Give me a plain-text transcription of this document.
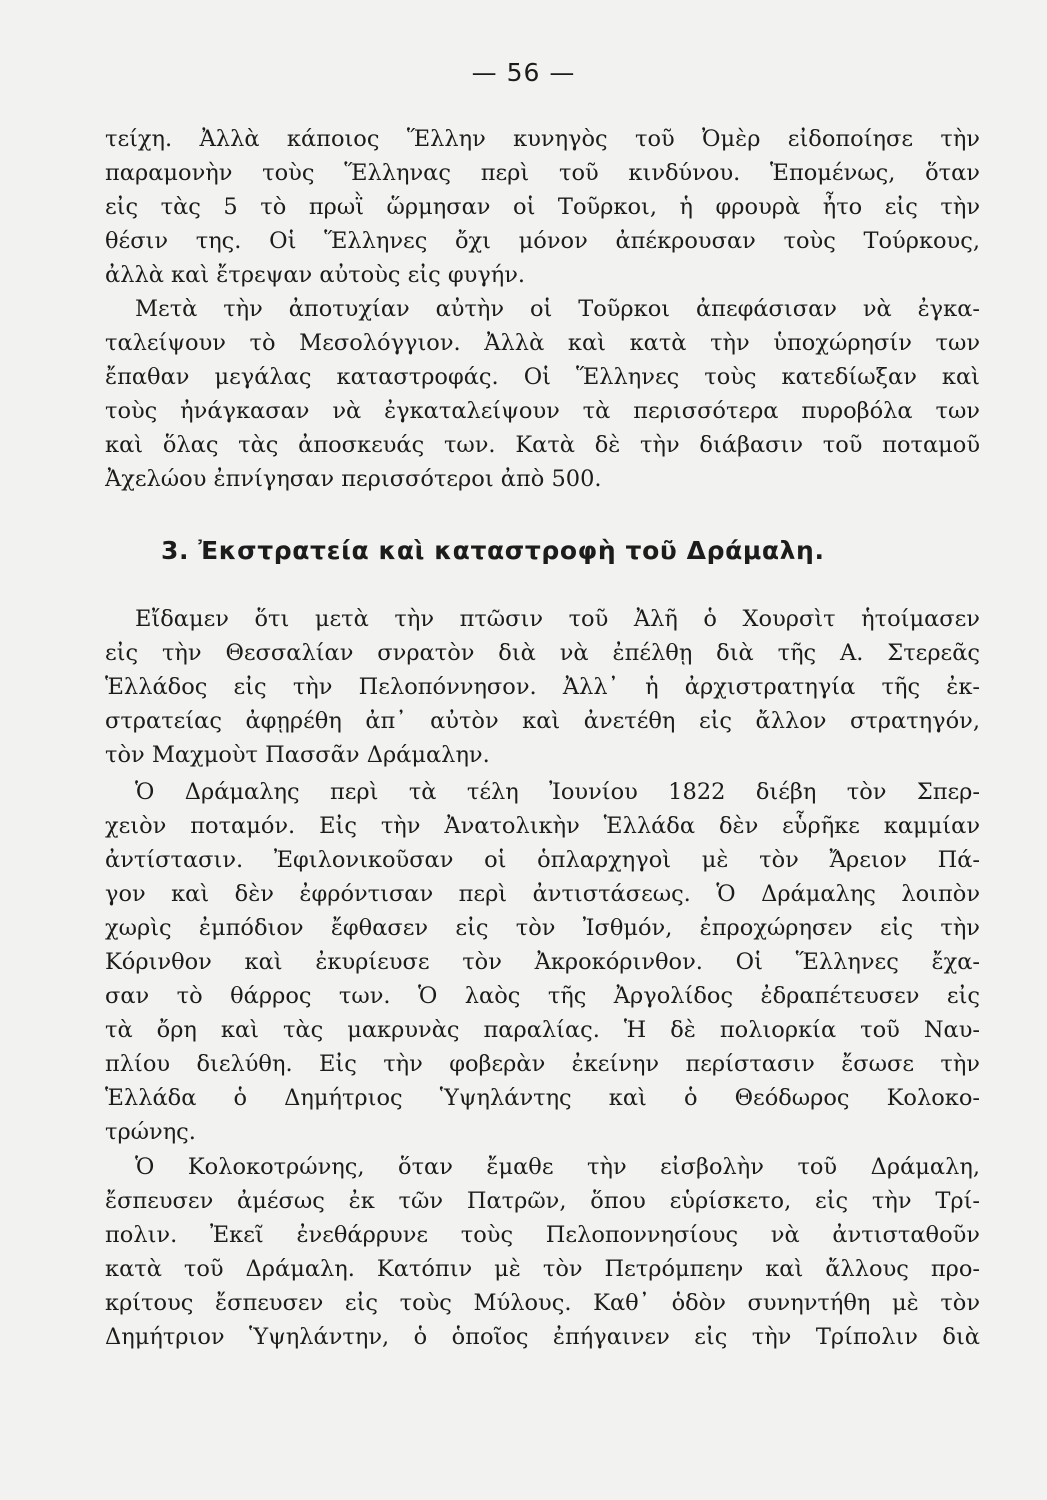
— 56 —
τείχη. Ἀλλὰ κάποιος Ἕλλην κυνηγὸς τοῦ Ὀμὲρ εἰδοποίησε τὴν
παραμονὴν τοὺς Ἕλληνας περὶ τοῦ κινδύνου. Ἑπομένως, ὅταν
εἰς τὰς 5 τὸ πρωῒ ὥρμησαν οἱ Τοῦρκοι, ἡ φρουρὰ ἦτο εἰς τὴν
θέσιν της. Οἱ Ἕλληνες ὄχι μόνον ἀπέκρουσαν τοὺς Τούρκους,
ἀλλὰ καὶ ἔτρεψαν αὐτοὺς εἰς φυγήν.
Μετὰ τὴν ἀποτυχίαν αὐτὴν οἱ Τοῦρκοι ἀπεφάσισαν νὰ ἐγκα-
ταλείψουν τὸ Μεσολόγγιον. Ἀλλὰ καὶ κατὰ τὴν ὑποχώρησίν των
ἔπαθαν μεγάλας καταστροφάς. Οἱ Ἕλληνες τοὺς κατεδίωξαν καὶ
τοὺς ἠνάγκασαν νὰ ἐγκαταλείψουν τὰ περισσότερα πυροβόλα των
καὶ ὅλας τὰς ἀποσκευάς των. Κατὰ δὲ τὴν διάβασιν τοῦ ποταμοῦ
Ἀχελώου ἐπνίγησαν περισσότεροι ἀπὸ 500.
3. Ἐκστρατεία καὶ καταστροφὴ τοῦ Δράμαλη.
Εἴδαμεν ὅτι μετὰ τὴν πτῶσιν τοῦ Ἀλῆ ὁ Χουρσὶτ ἡτοίμασεν
εἰς τὴν Θεσσαλίαν σνρατὸν διὰ νὰ ἐπέλθῃ διὰ τῆς Α. Στερεᾶς
Ἑλλάδος εἰς τὴν Πελοπόννησον. Ἀλλ᾿ ἡ ἀρχιστρατηγία τῆς ἐκ-
στρατείας ἀφῃρέθη ἀπ᾿ αὐτὸν καὶ ἀνετέθη εἰς ἄλλον στρατηγόν,
τὸν Μαχμοὺτ Πασσᾶν Δράμαλην.
Ὁ Δράμαλης περὶ τὰ τέλη Ἰουνίου 1822 διέβη τὸν Σπερ-
χειὸν ποταμόν. Εἰς τὴν Ἀνατολικὴν Ἑλλάδα δὲν εὗρῆκε καμμίαν
ἀντίστασιν. Ἐφιλονικοῦσαν οἱ ὁπλαρχηγοὶ μὲ τὸν Ἄρειον Πά-
γον καὶ δὲν ἐφρόντισαν περὶ ἀντιστάσεως. Ὁ Δράμαλης λοιπὸν
χωρὶς ἐμπόδιον ἔφθασεν εἰς τὸν Ἰσθμόν, ἐπροχώρησεν εἰς τὴν
Κόρινθον καὶ ἐκυρίευσε τὸν Ἀκροκόρινθον. Οἱ Ἕλληνες ἔχα-
σαν τὸ θάρρος των. Ὁ λαὸς τῆς Ἀργολίδος ἐδραπέτευσεν εἰς
τὰ ὄρη καὶ τὰς μακρυνὰς παραλίας. Ἡ δὲ πολιορκία τοῦ Ναυ-
πλίου διελύθη. Εἰς τὴν φοβερὰν ἐκείνην περίστασιν ἔσωσε τὴν
Ἑλλάδα ὁ Δημήτριος Ὑψηλάντης καὶ ὁ Θεόδωρος Κολοκο-
τρώνης.
Ὁ Κολοκοτρώνης, ὅταν ἔμαθε τὴν εἰσβολὴν τοῦ Δράμαλη,
ἔσπευσεν ἀμέσως ἐκ τῶν Πατρῶν, ὅπου εὑρίσκετο, εἰς τὴν Τρί-
πολιν. Ἐκεῖ ἐνεθάρρυνε τοὺς Πελοποννησίους νὰ ἀντισταθοῦν
κατὰ τοῦ Δράμαλη. Κατόπιν μὲ τὸν Πετρόμπεην καὶ ἄλλους προ-
κρίτους ἔσπευσεν εἰς τοὺς Μύλους. Καθ᾿ ὁδὸν συνηντήθη μὲ τὸν
Δημήτριον Ὑψηλάντην, ὁ ὁποῖος ἐπήγαινεν εἰς τὴν Τρίπολιν διὰ
